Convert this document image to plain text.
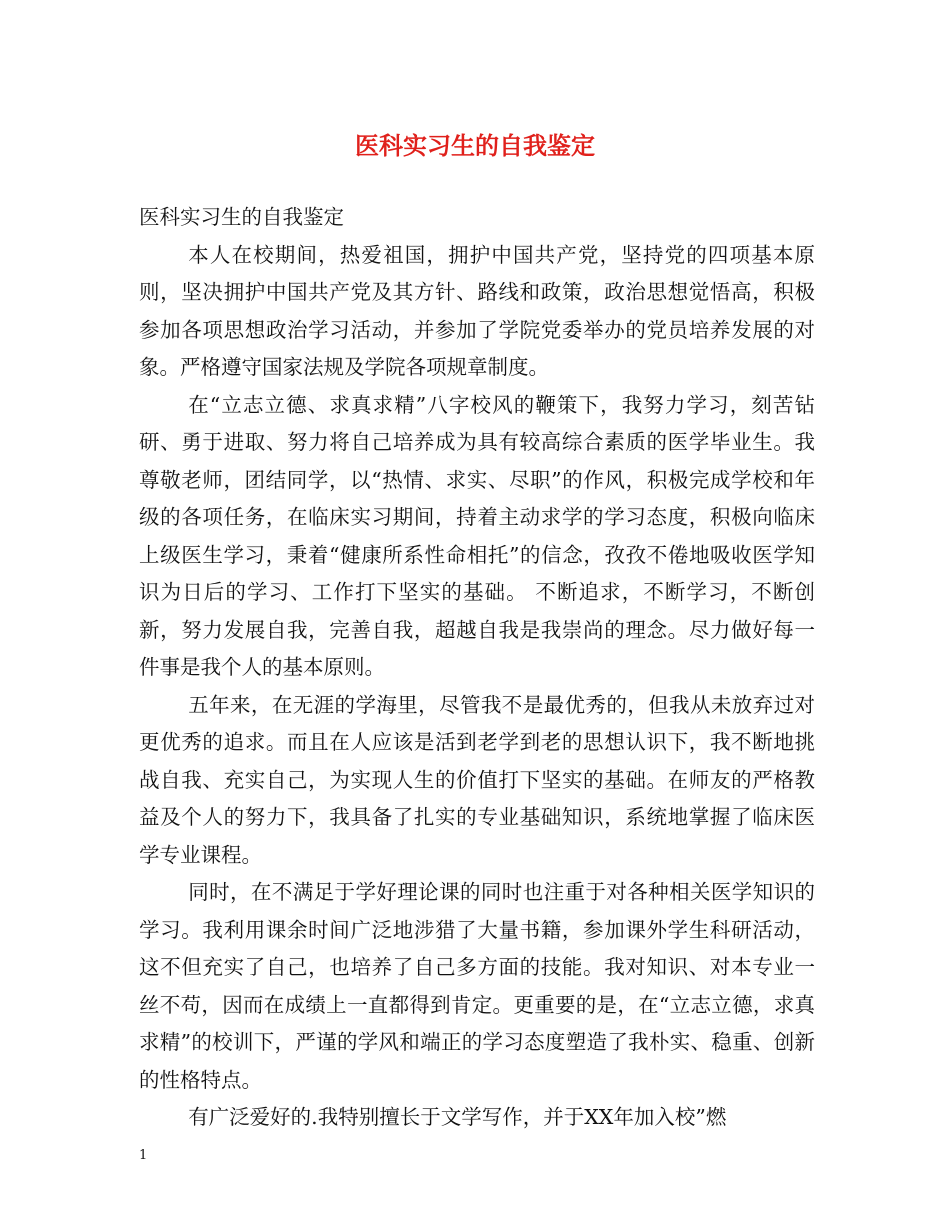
医科实习生的自我鉴定

医科实习生的自我鉴定

本人在校期间，热爱祖国，拥护中国共产党，坚持党的四项基本原则，坚决拥护中国共产党及其方针、路线和政策，政治思想觉悟高，积极参加各项思想政治学习活动，并参加了学院党委举办的党员培养发展的对象。严格遵守国家法规及学院各项规章制度。

在“立志立德、求真求精”八字校风的鞭策下，我努力学习，刻苦钻研、勇于进取、努力将自己培养成为具有较高综合素质的医学毕业生。我尊敬老师，团结同学，以“热情、求实、尽职”的作风，积极完成学校和年级的各项任务，在临床实习期间，持着主动求学的学习态度，积极向临床上级医生学习，秉着“健康所系性命相托”的信念，孜孜不倦地吸收医学知识为日后的学习、工作打下坚实的基础。 不断追求，不断学习，不断创新，努力发展自我，完善自我，超越自我是我崇尚的理念。尽力做好每一件事是我个人的基本原则。

五年来，在无涯的学海里，尽管我不是最优秀的，但我从未放弃过对更优秀的追求。而且在人应该是活到老学到老的思想认识下，我不断地挑战自我、充实自己，为实现人生的价值打下坚实的基础。在师友的严格教益及个人的努力下，我具备了扎实的专业基础知识，系统地掌握了临床医学专业课程。

同时，在不满足于学好理论课的同时也注重于对各种相关医学知识的学习。我利用课余时间广泛地涉猎了大量书籍，参加课外学生科研活动，这不但充实了自己，也培养了自己多方面的技能。我对知识、对本专业一丝不苟，因而在成绩上一直都得到肯定。更重要的是，在“立志立德，求真求精”的校训下，严谨的学风和端正的学习态度塑造了我朴实、稳重、创新的性格特点。

有广泛爱好的.我特别擅长于文学写作，并于XX年加入校”燃

1
